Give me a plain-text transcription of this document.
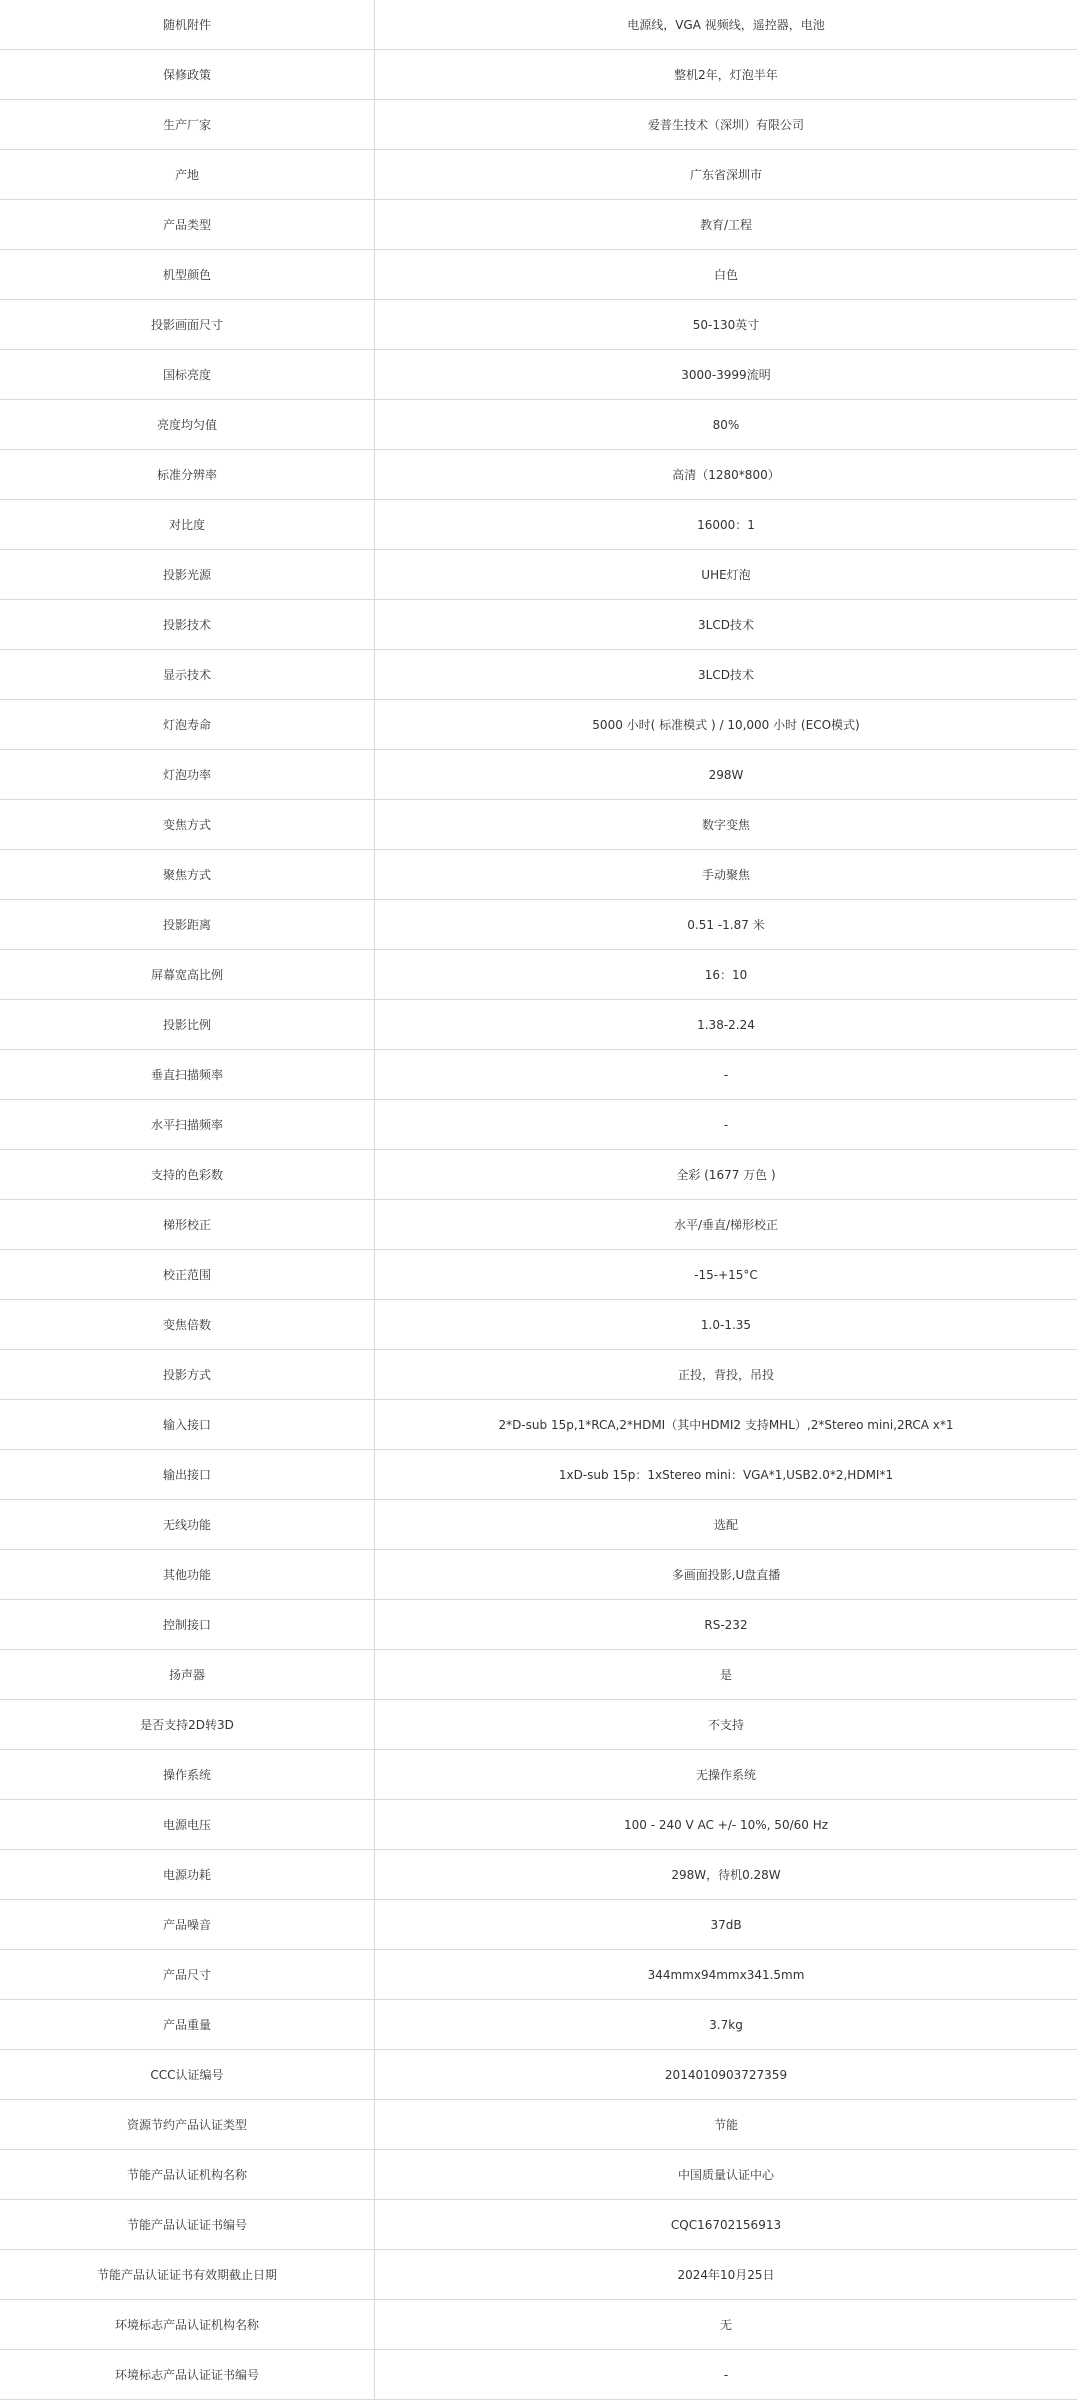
随机附件	电源线，VGA 视频线，遥控器，电池
保修政策	整机2年，灯泡半年
生产厂家	爱普生技术（深圳）有限公司
产地	广东省深圳市
产品类型	教育/工程
机型颜色	白色
投影画面尺寸	50-130英寸
国标亮度	3000-3999流明
亮度均匀值	80%
标准分辨率	高清（1280*800）
对比度	16000：1
投影光源	UHE灯泡
投影技术	3LCD技术
显示技术	3LCD技术
灯泡寿命	5000 小时( 标准模式 ) / 10,000 小时 (ECO模式)
灯泡功率	298W
变焦方式	数字变焦
聚焦方式	手动聚焦
投影距离	0.51 -1.87 米
屏幕宽高比例	16：10
投影比例	1.38-2.24
垂直扫描频率	-
水平扫描频率	-
支持的色彩数	全彩 (1677 万色 )
梯形校正	水平/垂直/梯形校正
校正范围	-15-+15°C
变焦倍数	1.0-1.35
投影方式	正投，背投，吊投
输入接口	2*D-sub 15p,1*RCA,2*HDMI（其中HDMI2 支持MHL）,2*Stereo mini,2RCA x*1
输出接口	1xD-sub 15p：1xStereo mini：VGA*1,USB2.0*2,HDMI*1
无线功能	选配
其他功能	多画面投影,U盘直播
控制接口	RS-232
扬声器	是
是否支持2D转3D	不支持
操作系统	无操作系统
电源电压	100 - 240 V AC +/- 10%, 50/60 Hz
电源功耗	298W，待机0.28W
产品噪音	37dB
产品尺寸	344mmx94mmx341.5mm
产品重量	3.7kg
CCC认证编号	2014010903727359
资源节约产品认证类型	节能
节能产品认证机构名称	中国质量认证中心
节能产品认证证书编号	CQC16702156913
节能产品认证证书有效期截止日期	2024年10月25日
环境标志产品认证机构名称	无
环境标志产品认证证书编号	-
